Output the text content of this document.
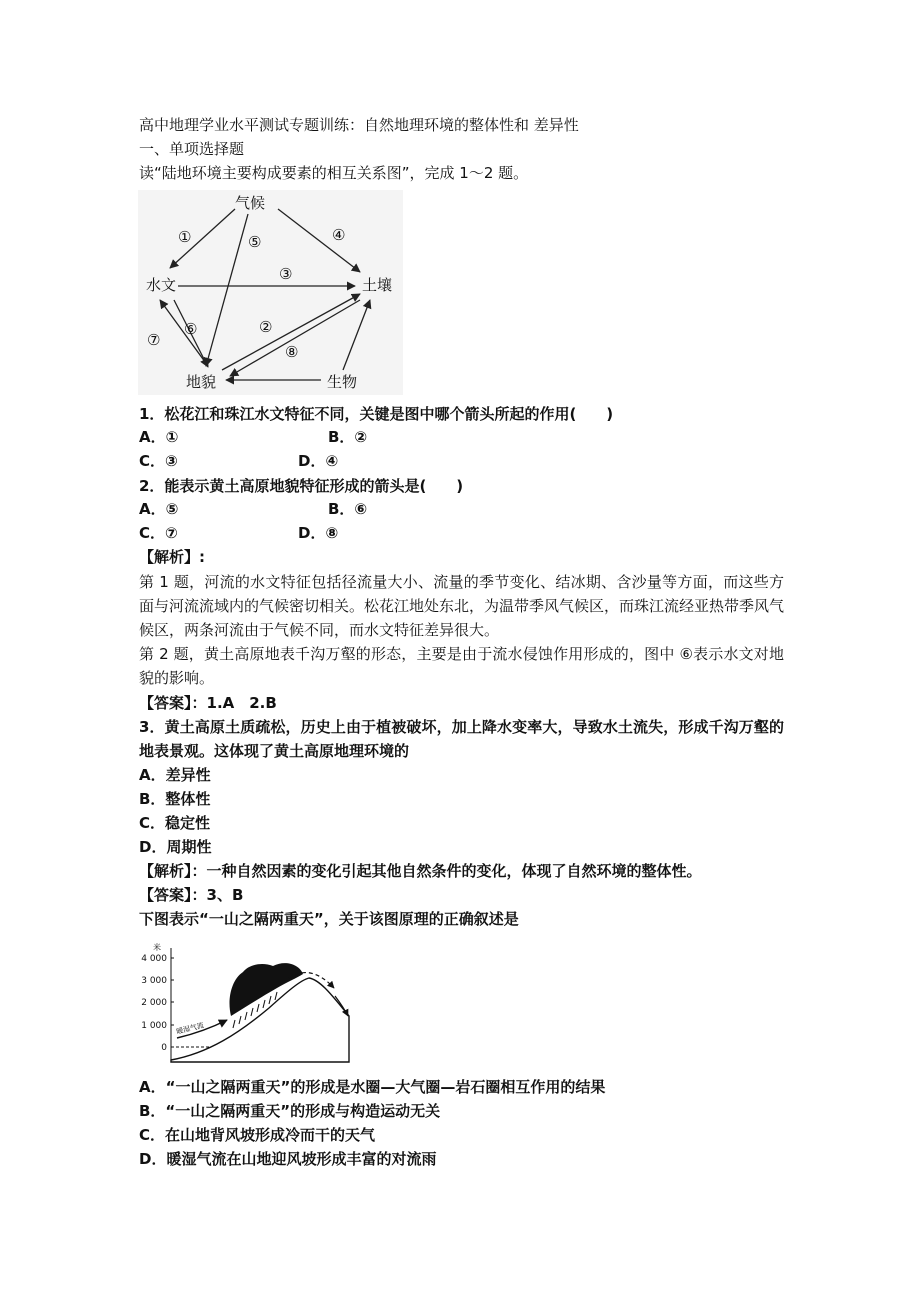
高中地理学业水平测试专题训练：自然地理环境的整体性和 差异性
一、单项选择题
读“陆地环境主要构成要素的相互关系图”，完成 1～2 题。
气候
水文	土壤
地貌	生物
①	⑤	④
③
⑦
⑥	②
⑧
1．松花江和珠江水文特征不同，关键是图中哪个箭头所起的作用(　　)
A．①	B．②
C．③	D．④
2．能表示黄土高原地貌特征形成的箭头是(　　)
A．⑤	B．⑥
C．⑦	D．⑧
【解析】:
第 1 题，河流的水文特征包括径流量大小、流量的季节变化、结冰期、含沙量等方面，而这些方面与河流流域内的气候密切相关。松花江地处东北，为温带季风气候区，而珠江流经亚热带季风气候区，两条河流由于气候不同，而水文特征差异很大。
第 2 题，黄土高原地表千沟万壑的形态，主要是由于流水侵蚀作用形成的，图中 ⑥表示水文对地貌的影响。
【答案】：1.A　2.B
3．黄土高原土质疏松，历史上由于植被破坏，加上降水变率大，导致水土流失，形成千沟万壑的地表景观。这体现了黄土高原地理环境的
A．差异性
B．整体性
C．稳定性
D．周期性
【解析】：一种自然因素的变化引起其他自然条件的变化，体现了自然环境的整体性。
【答案】：3、B
下图表示“一山之隔两重天”，关于该图原理的正确叙述是
米
4 000
3 000
2 000
1 000
0
暖湿气流
A．“一山之隔两重天”的形成是水圈—大气圈—岩石圈相互作用的结果
B．“一山之隔两重天”的形成与构造运动无关
C．在山地背风坡形成冷而干的天气
D．暖湿气流在山地迎风坡形成丰富的对流雨
